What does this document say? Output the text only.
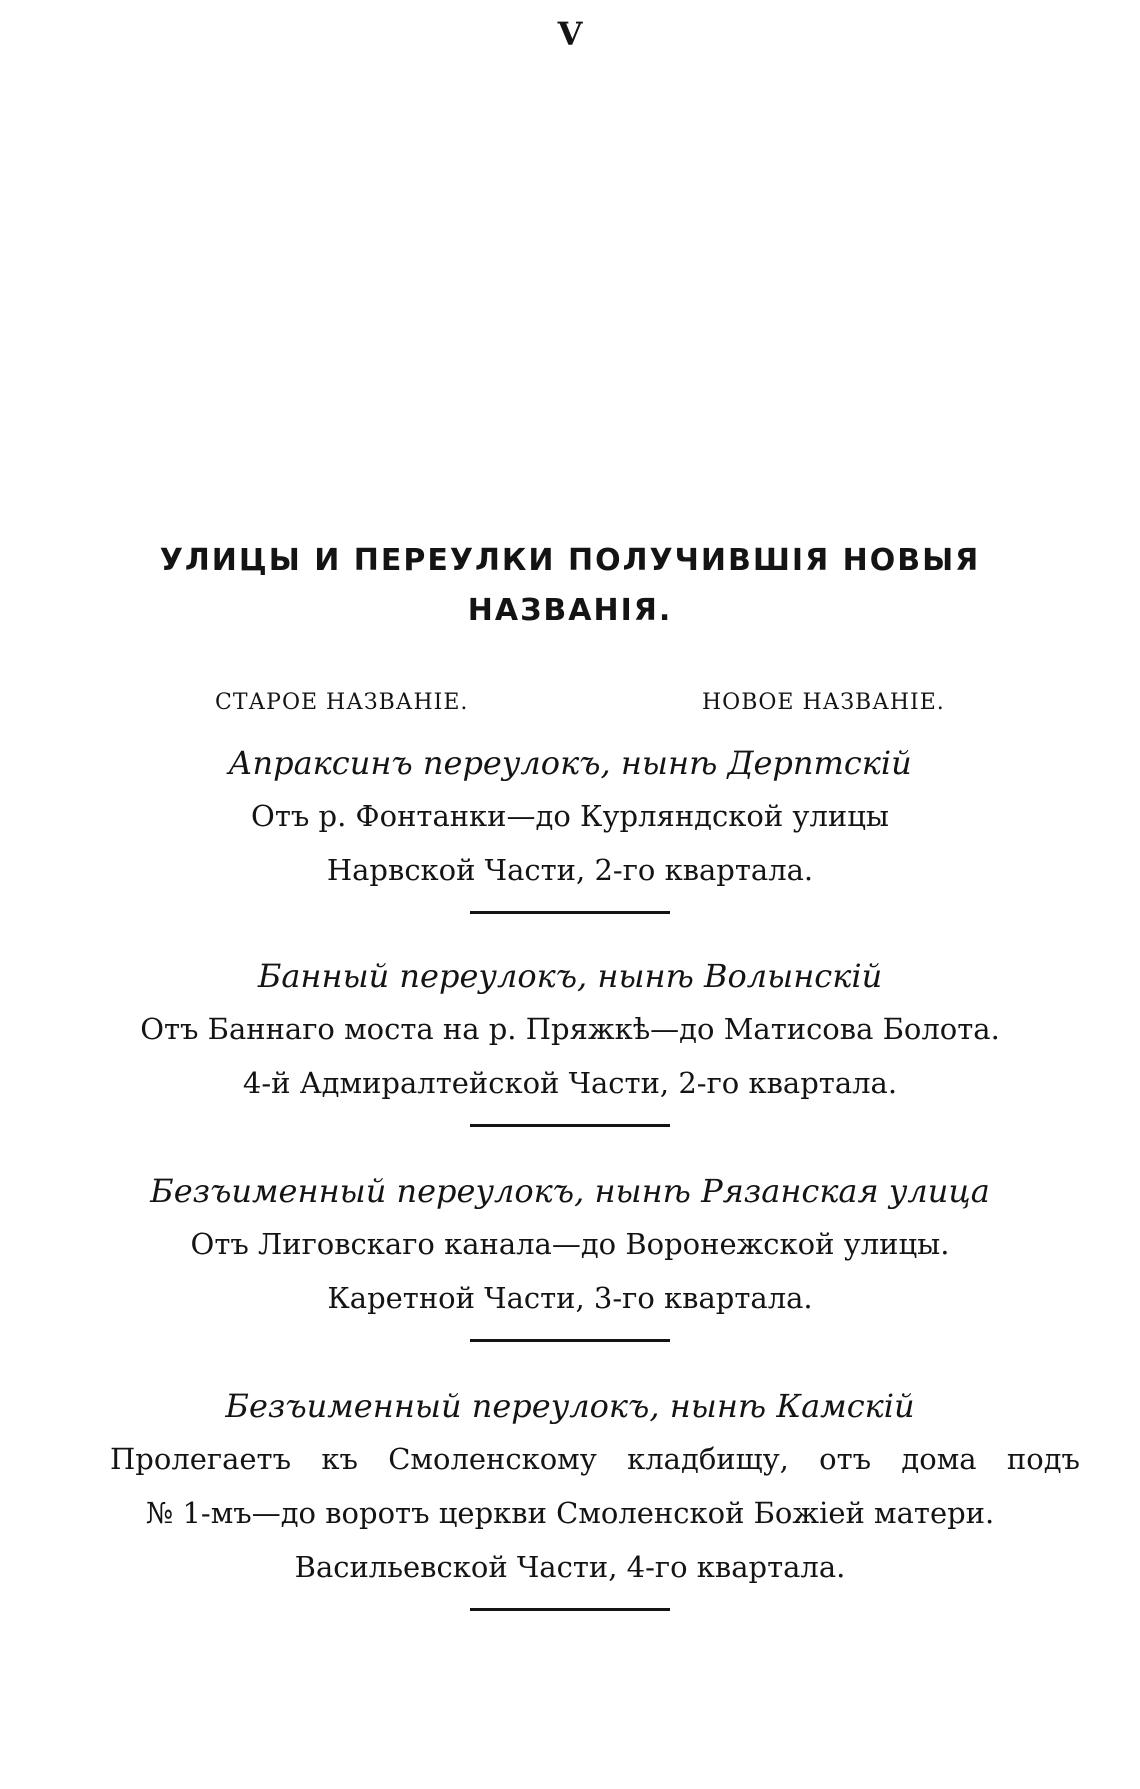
V
УЛИЦЫ И ПЕРЕУЛКИ ПОЛУЧИВШІЯ НОВЫЯ
НАЗВАНІЯ.
СТАРОЕ НАЗВАНІЕ.	НОВОЕ НАЗВАНІЕ.
Апраксинъ переулокъ, нынѣ Дерптскій
Отъ р. Фонтанки—до Курляндской улицы
Нарвской Части, 2-го квартала.
Банный переулокъ, нынѣ Волынскій
Отъ Баннаго моста на р. Пряжкѣ—до Матисова Болота.
4-й Адмиралтейской Части, 2-го квартала.
Безъименный переулокъ, нынѣ Рязанская улица
Отъ Лиговскаго канала—до Воронежской улицы.
Каретной Части, 3-го квартала.
Безъименный переулокъ, нынѣ Камскій
Пролегаетъ къ Смоленскому кладбищу, отъ дома подъ
№ 1-мъ—до воротъ церкви Смоленской Божіей матери.
Васильевской Части, 4-го квартала.
